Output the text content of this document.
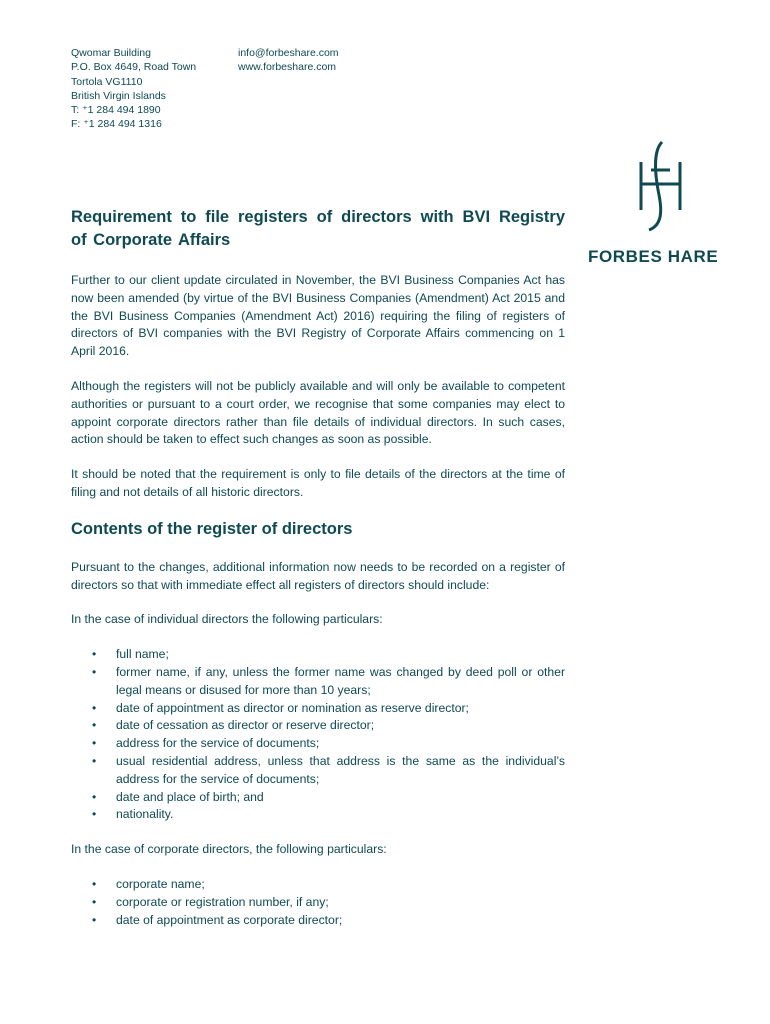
Qwomar Building
P.O. Box 4649, Road Town
Tortola VG1110
British Virgin Islands
T: ⁺1 284 494 1890
F: ⁺1 284 494 1316
info@forbeshare.com
www.forbeshare.com
FORBES HARE
Requirement to file registers of directors with BVI Registry of Corporate Affairs

Further to our client update circulated in November, the BVI Business Companies Act has now been amended (by virtue of the BVI Business Companies (Amendment) Act 2015 and the BVI Business Companies (Amendment Act) 2016) requiring the filing of registers of directors of BVI companies with the BVI Registry of Corporate Affairs commencing on 1 April 2016.

Although the registers will not be publicly available and will only be available to competent authorities or pursuant to a court order, we recognise that some companies may elect to appoint corporate directors rather than file details of individual directors. In such cases, action should be taken to effect such changes as soon as possible.

It should be noted that the requirement is only to file details of the directors at the time of filing and not details of all historic directors.

Contents of the register of directors

Pursuant to the changes, additional information now needs to be recorded on a register of directors so that with immediate effect all registers of directors should include:

In the case of individual directors the following particulars:

• full name;
• former name, if any, unless the former name was changed by deed poll or other legal means or disused for more than 10 years;
• date of appointment as director or nomination as reserve director;
• date of cessation as director or reserve director;
• address for the service of documents;
• usual residential address, unless that address is the same as the individual’s address for the service of documents;
• date and place of birth; and
• nationality.

In the case of corporate directors, the following particulars:

• corporate name;
• corporate or registration number, if any;
• date of appointment as corporate director;
